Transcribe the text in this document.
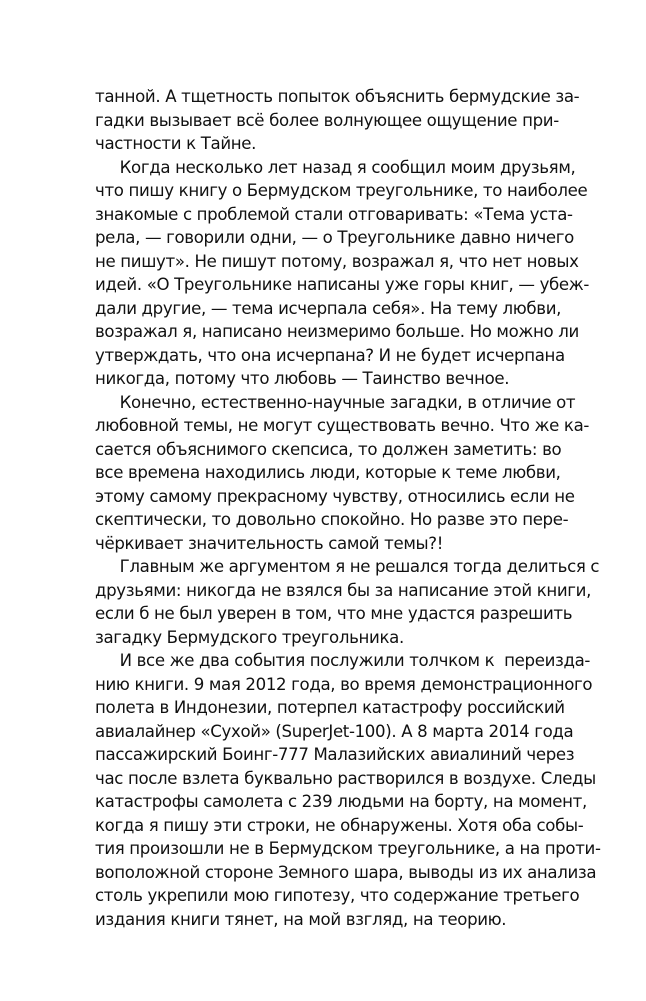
танной. А тщетность попыток объяснить бермудские за-
гадки вызывает всё более волнующее ощущение при-
частности к Тайне.
Когда несколько лет назад я сообщил моим друзьям,
что пишу книгу о Бермудском треугольнике, то наиболее
знакомые с проблемой стали отговаривать: «Тема уста-
рела, — говорили одни, — о Треугольнике давно ничего
не пишут». Не пишут потому, возражал я, что нет новых
идей. «О Треугольнике написаны уже горы книг, — убеж-
дали другие, — тема исчерпала себя». На тему любви,
возражал я, написано неизмеримо больше. Но можно ли
утверждать, что она исчерпана? И не будет исчерпана
никогда, потому что любовь — Таинство вечное.
Конечно, естественно-научные загадки, в отличие от
любовной темы, не могут существовать вечно. Что же ка-
сается объяснимого скепсиса, то должен заметить: во
все времена находились люди, которые к теме любви,
этому самому прекрасному чувству, относились если не
скептически, то довольно спокойно. Но разве это пере-
чёркивает значительность самой темы?!
Главным же аргументом я не решался тогда делиться с
друзьями: никогда не взялся бы за написание этой книги,
если б не был уверен в том, что мне удастся разрешить
загадку Бермудского треугольника.
И все же два события послужили толчком к  переизда-
нию книги. 9 мая 2012 года, во время демонстрационного
полета в Индонезии, потерпел катастрофу российский
авиалайнер «Сухой» (SuperJet-100). А 8 марта 2014 года
пассажирский Боинг-777 Малазийских авиалиний через
час после взлета буквально растворился в воздухе. Следы
катастрофы самолета с 239 людьми на борту, на момент,
когда я пишу эти строки, не обнаружены. Хотя оба собы-
тия произошли не в Бермудском треугольнике, а на проти-
воположной стороне Земного шара, выводы из их анализа
столь укрепили мою гипотезу, что содержание третьего
издания книги тянет, на мой взгляд, на теорию.
